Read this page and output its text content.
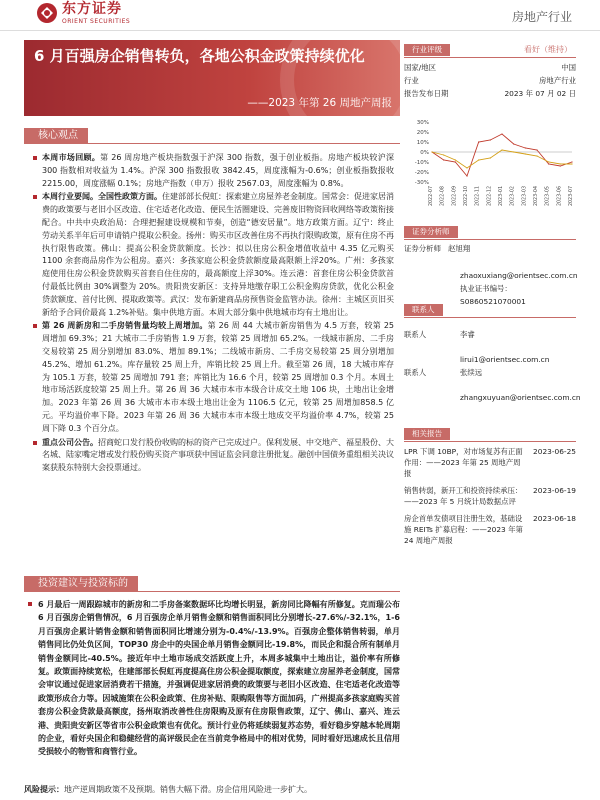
东方证券
ORIENT SECURITIES	房地产行业
6 月百强房企销售转负，各地公积金政策持续优化
——2023 年第 26 周地产周报
核心观点
本周市场回顾。第 26 周房地产板块指数强于沪深 300 指数，强于创业板指。房地产板块较沪深 300 指数相对收益为 1.4%。沪深 300 指数报收 3842.45，周度涨幅为-0.6%；创业板指数报收 2215.00，周度涨幅 0.1%；房地产指数（申万）报收 2567.03，周度涨幅为 0.8%。
本周行业要闻。全国性政策方面。住建部部长倪虹：探索建立房屋养老金制度。国常会：促进家居消费的政策要与老旧小区改造、住宅适老化改造、便民生活圈建设、完善废旧物资回收网络等政策衔接配合。中共中央政治局：合理把握建设规模和节奏，创造“德安居量”。地方政策方面。辽宁：终止劳动关系半年后可申请销户提取公积金。扬州：购买市区改善住房不再执行限购政策，原有住房不再执行限售政策。佛山：提高公积金贷款额度。长沙：拟以住房公积金增值收益中 4.35 亿元购买 1100 余套商品房作为公租房。嘉兴：多孩家庭公积金贷款额度最高限额上浮20%。广州：多孩家庭使用住房公积金贷款购买首套自住住房的，最高额度上浮30%。连云港：首套住房公积金贷款首付最低比例由 30%调整为 20%。贵阳贵安新区：支持异地缴存职工公积金购房贷款，优化公积金贷款额度、首付比例、提取政策等。武汉：发布新建商品房预售资金监管办法。徐州：主城区页旧买新给予合同价最高 1.2%补贴。集中供地方面。本周大部分集中供地城市均有土地出让。
第 26 周新房和二手房销售量均较上周增加。第 26 周 44 大城市新房销售为 4.5 万套，较第 25 周增加 69.3%；21 大城市二手房销售 1.9 万套，较第 25 周增加 65.2%。一线城市新房、二手房交易较第 25 周分别增加 83.0%、增加 89.1%；二线城市新房、二手房交易较第 25 周分别增加 45.2%、增加 61.2%。库存量较 25 周上升，库销比较 25 周上升。截至第 26 周，18 大城市库存为 105.1 万套，较第 25 周增加 791 套；库销比为 16.6 个月，较第 25 周增加 0.3 个月。本周土地市场活跃度较第 25 周上升。第 26 周 36 大城市本市本级合计成交土地 106 块，土地出让金增加。2023 年第 26 周 36 大城市本市本级土地出让金为 1106.5 亿元，较第 25 周增加858.5 亿元。平均溢价率下降。2023 年第 26 周 36 大城市本市本级土地成交平均溢价率 4.7%，较第 25 周下降 0.3 个百分点。
重点公司公告。招商蛇口发行股份收购的标的资产已完成过户。保利发展、中交地产、福星股份、大名城、陆家嘴定增或发行股份购买资产事项获中国证监会同意注册批复。融创中国债务重组相关决议案获股东特别大会投票通过。
投资建议与投资标的
6 月最后一周跟踪城市的新房和二手房备案数据环比均增长明显，新房同比降幅有所修复。克而瑞公布 6 月百强房企销售情况，6 月百强房企单月销售金额和销售面积同比分别增长-27.6%/-32.1%，1-6 月百强房企累计销售金额和销售面积同比增速分别为-0.4%/-13.9%。百强房企整体销售转弱，单月销售同比仍处负区间，TOP30 房企中的央国企单月销售金额同比-19.8%，而民企和混合所有制单月销售金额同比-40.5%。接近年中土地市场成交活跃度上升，本周多城集中土地出让，溢价率有所修复。政策面持续宽松，住建部部长倪虹再度提高住房公积金提取额度，探索建立房屋养老金制度，国常会审议通过促进家居消费若干措施，并强调促进家居消费的政策要与老旧小区改造、住宅适老化改造等政策形成合力等。因城施策在公积金政策、住房补贴、限购限售等方面加码，广州提高多孩家庭购买首套房公积金贷款最高额度，扬州取消改善性住房限购及原有住房限售政策，辽宁、佛山、嘉兴、连云港、贵阳贵安新区等省市公积金政策也有优化。预计行业仍将延续弱复苏态势，看好稳步穿越本轮周期的企业，看好央国企和稳健经营的高评级民企在当前竞争格局中的相对优势，同时看好迅速成长且信用受损较小的物管和商管行业。
风险提示：地产逆周期政策不及预期。销售大幅下滑。房企信用风险进一步扩大。
行业评级	看好（维持）
国家/地区	中国
行业	房地产行业
报告发布日期	2023 年 07 月 02 日
30%
20%
10%
0%
-10%
-20%
-30%
2022-07 2022-08 2022-09 2022-10 2022-11 2022-12 2023-01 2023-02 2023-03 2023-04 2023-05 2023-06 2023-07
证券分析师
证券分析师 赵旭翔
zhaoxuxiang@orientsec.com.cn
执业证书编号：S0860521070001
联系人
联系人	李睿
lirui1@orientsec.com.cn
联系人	张续远
zhangxuyuan@orientsec.com.cn
相关报告
LPR 下调 10BP，对市场复苏有正面作用：——2023 年第 25 周地产周报
2023-06-25
销售转弱，新开工和投资持续承压：——2023 年 5 月统计局数据点评
2023-06-19
房企首单发债项目注册生效，基础设施 REITs 扩募启程：——2023 年第 24 周地产周报
2023-06-18
